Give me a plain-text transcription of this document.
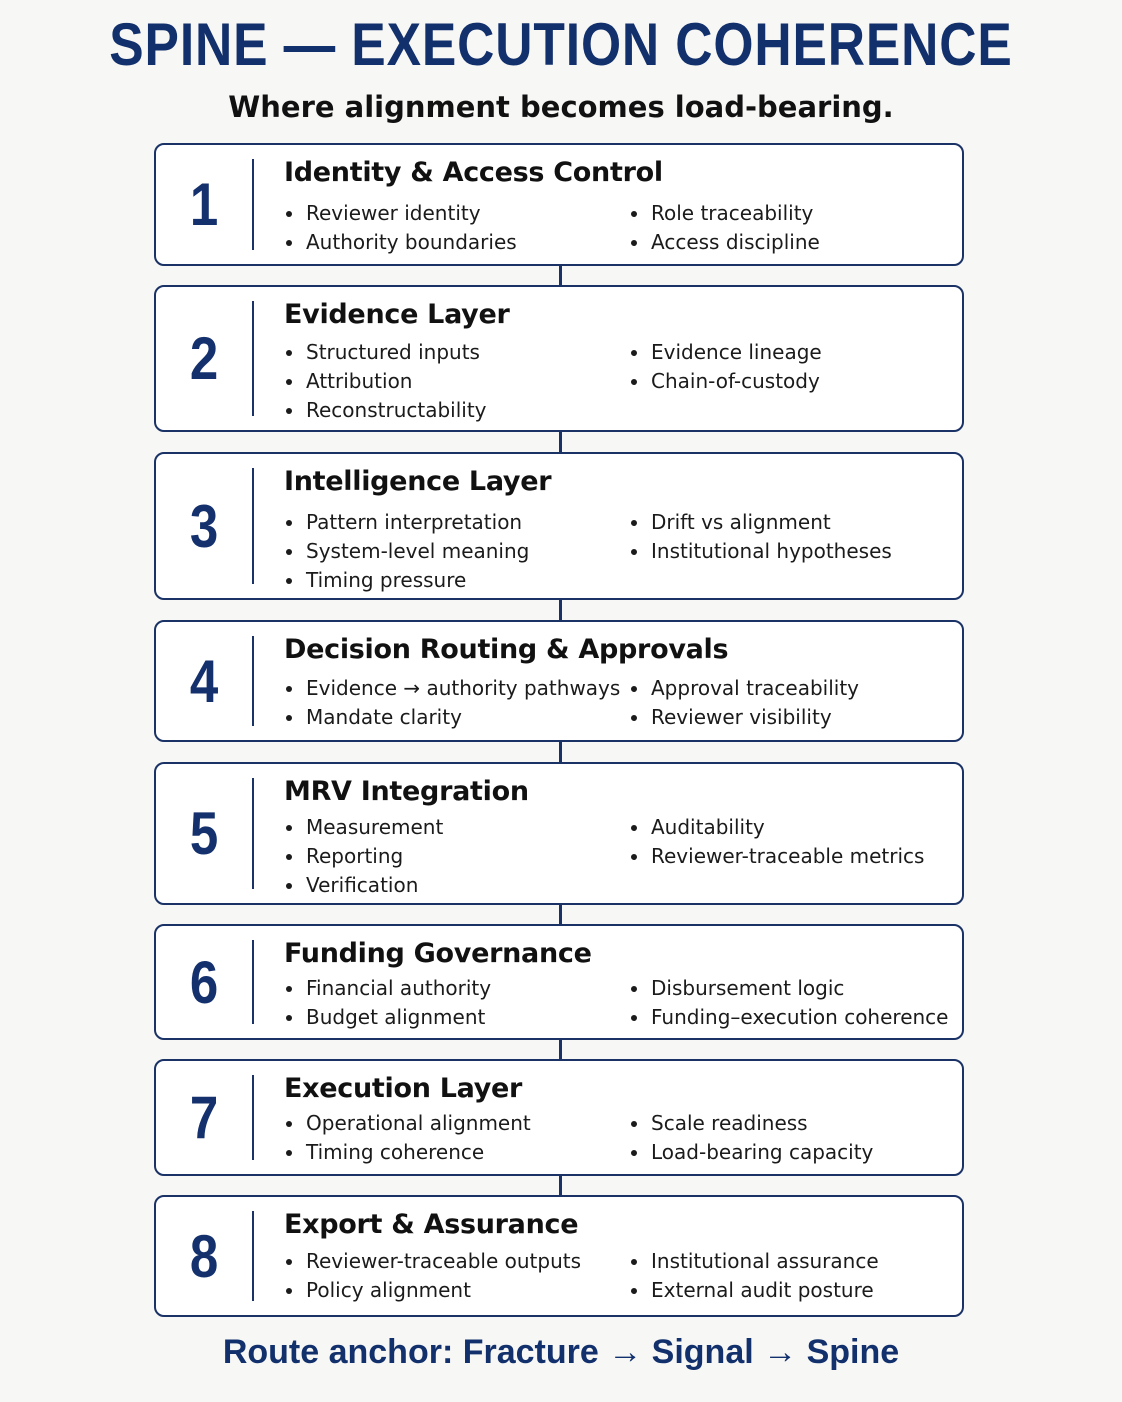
SPINE — EXECUTION COHERENCE
Where alignment becomes load-bearing.
1	Identity & Access Control
Reviewer identity
Authority boundaries
Role traceability
Access discipline
2
Evidence Layer
Structured inputs
Attribution
Reconstructability
Evidence lineage
Chain-of-custody
3
Intelligence Layer
Pattern interpretation
System-level meaning
Timing pressure
Drift vs alignment
Institutional hypotheses
4	Decision Routing & Approvals
Evidence → authority pathways
Mandate clarity
Approval traceability
Reviewer visibility
5
MRV Integration
Measurement
Reporting
Verification
Auditability
Reviewer-traceable metrics
6	Funding Governance
Financial authority
Budget alignment
Disbursement logic
Funding–execution coherence
7	Execution Layer
Operational alignment
Timing coherence
Scale readiness
Load-bearing capacity
8	Export & Assurance
Reviewer-traceable outputs
Policy alignment
Institutional assurance
External audit posture
Route anchor: Fracture → Signal → Spine
